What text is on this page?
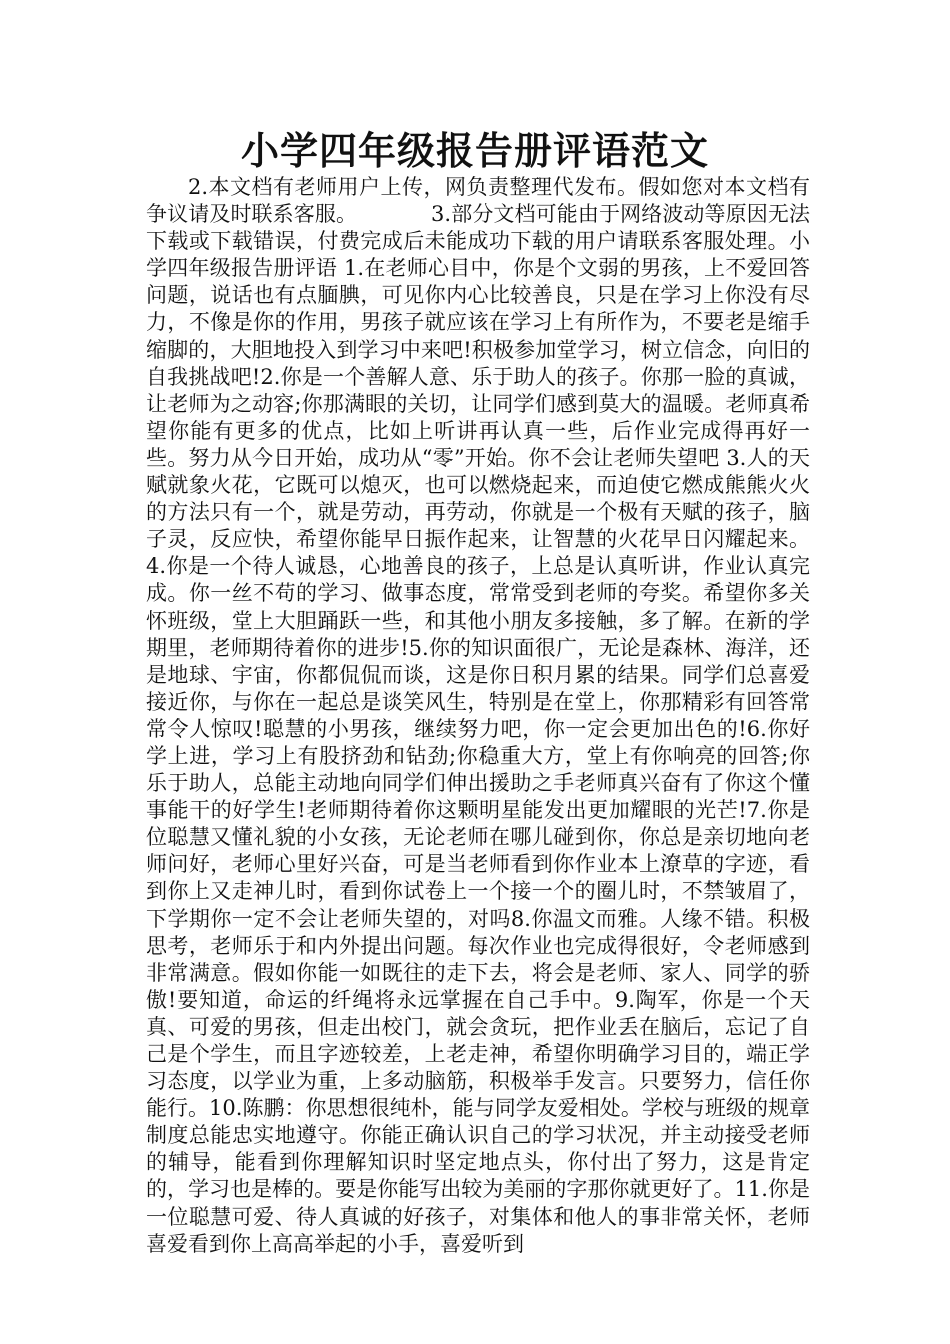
小学四年级报告册评语范文

2.本文档有老师用户上传，网负责整理代发布。假如您对本文档有争议请及时联系客服。　　　　3.部分文档可能由于网络波动等原因无法下载或下载错误，付费完成后未能成功下载的用户请联系客服处理。小学四年级报告册评语 1.在老师心目中，你是个文弱的男孩，上不爱回答问题，说话也有点腼腆，可见你内心比较善良，只是在学习上你没有尽力，不像是你的作用，男孩子就应该在学习上有所作为，不要老是缩手缩脚的，大胆地投入到学习中来吧!积极参加堂学习，树立信念，向旧的自我挑战吧!2.你是一个善解人意、乐于助人的孩子。你那一脸的真诚，让老师为之动容;你那满眼的关切，让同学们感到莫大的温暖。老师真希望你能有更多的优点，比如上听讲再认真一些，后作业完成得再好一些。努力从今日开始，成功从“零”开始。你不会让老师失望吧 3.人的天赋就象火花，它既可以熄灭，也可以燃烧起来，而迫使它燃成熊熊火火的方法只有一个，就是劳动，再劳动，你就是一个极有天赋的孩子，脑子灵，反应快，希望你能早日振作起来，让智慧的火花早日闪耀起来。4.你是一个待人诚恳，心地善良的孩子，上总是认真听讲，作业认真完成。你一丝不苟的学习、做事态度，常常受到老师的夸奖。希望你多关怀班级，堂上大胆踊跃一些，和其他小朋友多接触，多了解。在新的学期里，老师期待着你的进步!5.你的知识面很广，无论是森林、海洋，还是地球、宇宙，你都侃侃而谈，这是你日积月累的结果。同学们总喜爱接近你，与你在一起总是谈笑风生，特别是在堂上，你那精彩有回答常常令人惊叹!聪慧的小男孩，继续努力吧，你一定会更加出色的!6.你好学上进，学习上有股挤劲和钻劲;你稳重大方，堂上有你响亮的回答;你乐于助人，总能主动地向同学们伸出援助之手老师真兴奋有了你这个懂事能干的好学生!老师期待着你这颗明星能发出更加耀眼的光芒!7.你是位聪慧又懂礼貌的小女孩，无论老师在哪儿碰到你，你总是亲切地向老师问好，老师心里好兴奋，可是当老师看到你作业本上潦草的字迹，看到你上又走神儿时，看到你试卷上一个接一个的圈儿时，不禁皱眉了，下学期你一定不会让老师失望的，对吗8.你温文而雅。人缘不错。积极思考，老师乐于和内外提出问题。每次作业也完成得很好，令老师感到非常满意。假如你能一如既往的走下去，将会是老师、家人、同学的骄傲!要知道，命运的纤绳将永远掌握在自己手中。9.陶军，你是一个天真、可爱的男孩，但走出校门，就会贪玩，把作业丢在脑后，忘记了自己是个学生，而且字迹较差，上老走神，希望你明确学习目的，端正学习态度，以学业为重，上多动脑筋，积极举手发言。只要努力，信任你能行。10.陈鹏：你思想很纯朴，能与同学友爱相处。学校与班级的规章制度总能忠实地遵守。你能正确认识自己的学习状况，并主动接受老师的辅导，能看到你理解知识时坚定地点头，你付出了努力，这是肯定的，学习也是棒的。要是你能写出较为美丽的字那你就更好了。11.你是一位聪慧可爱、待人真诚的好孩子，对集体和他人的事非常关怀，老师喜爱看到你上高高举起的小手，喜爱听到
